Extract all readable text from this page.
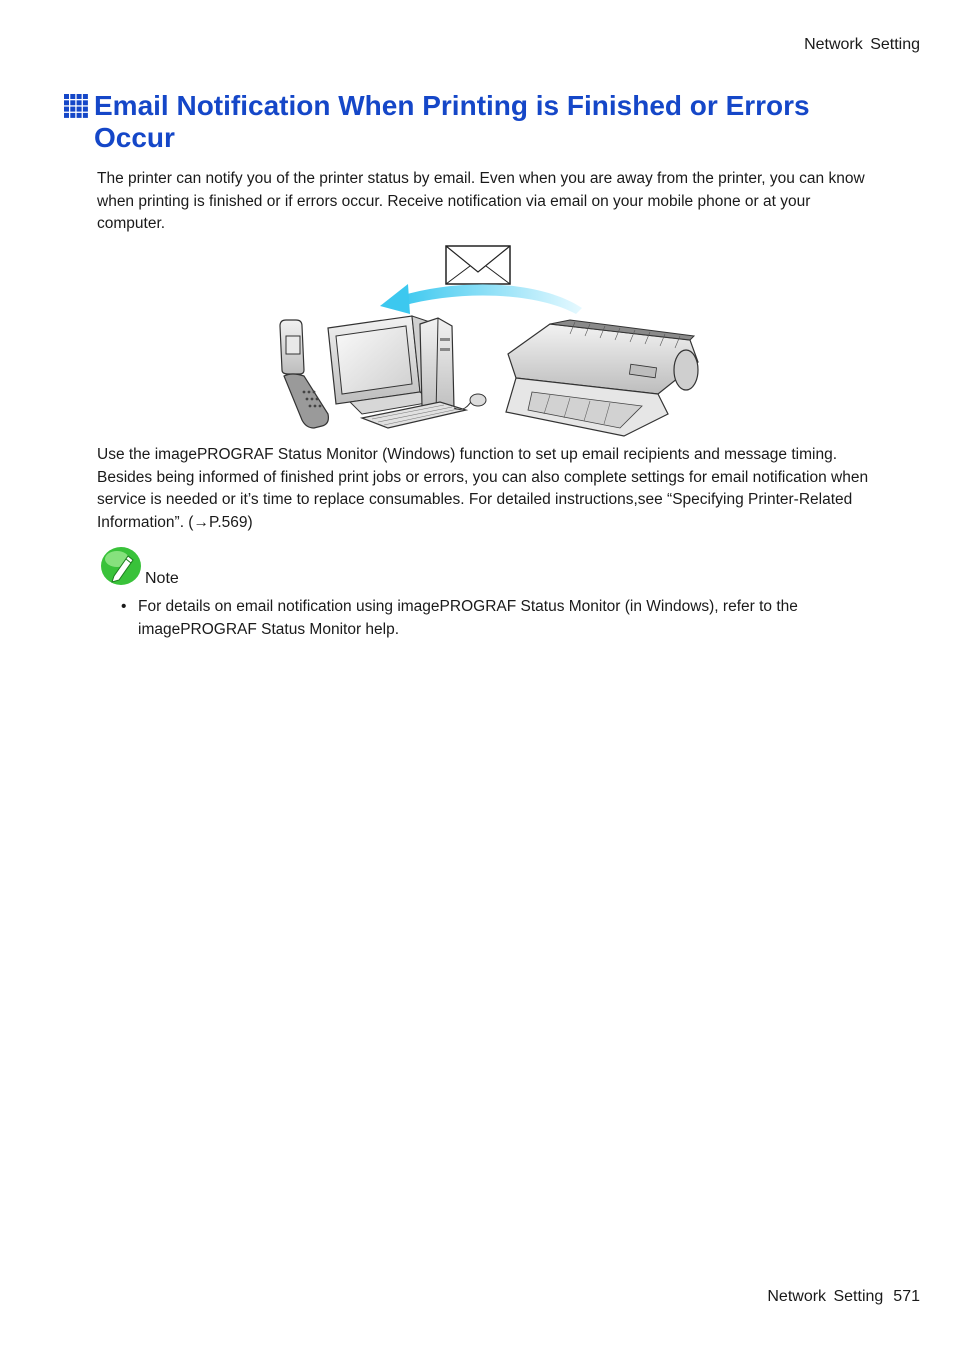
Network Setting
Email Notification When Printing is Finished or Errors Occur

The printer can notify you of the printer status by email. Even when you are away from the printer, you can know when printing is finished or if errors occur. Receive notification via email on your mobile phone or at your computer.

Use the imagePROGRAF Status Monitor (Windows) function to set up email recipients and message timing. Besides being informed of finished print jobs or errors, you can also complete settings for email notification when service is needed or it’s time to replace consumables. For detailed instructions,see “Specifying Printer-Related Information”. (→P.569)

Note
• For details on email notification using imagePROGRAF Status Monitor (in Windows), refer to the imagePROGRAF Status Monitor help.
Network Setting 571
